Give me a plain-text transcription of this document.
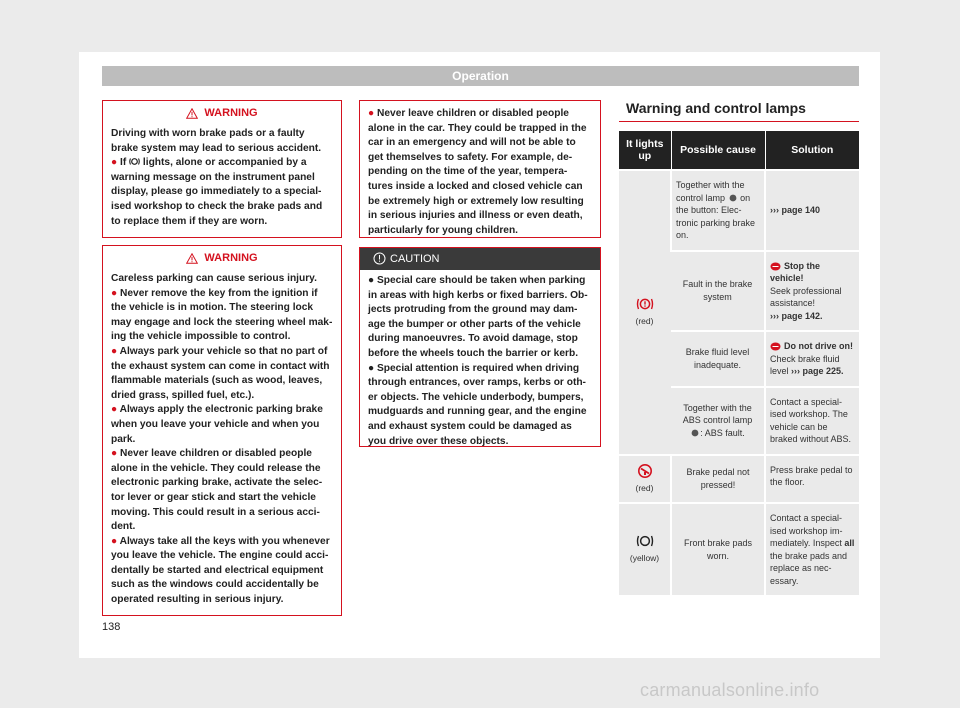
Operation
WARNING

Driving with worn brake pads or a faulty brake system may lead to serious accident.

● If lights, alone or accompanied by a warning message on the instrument panel display, please go immediately to a special-ised workshop to check the brake pads and to replace them if they are worn.

WARNING

Careless parking can cause serious injury.

● Never remove the key from the ignition if the vehicle is in motion. The steering lock may engage and lock the steering wheel mak-ing the vehicle impossible to control.

● Always park your vehicle so that no part of the exhaust system can come in contact with flammable materials (such as wood, leaves, dried grass, spilled fuel, etc.).

● Always apply the electronic parking brake when you leave your vehicle and when you park.

● Never leave children or disabled people alone in the vehicle. They could release the electronic parking brake, activate the selec-tor lever or gear stick and start the vehicle moving. This could result in a serious acci-dent.

● Always take all the keys with you whenever you leave the vehicle. The engine could acci-dentally be started and electrical equipment such as the windows could accidentally be operated resulting in serious injury.

● Never leave children or disabled people alone in the car. They could be trapped in the car in an emergency and will not be able to get themselves to safety. For example, de-pending on the time of the year, tempera-tures inside a locked and closed vehicle can be extremely high or extremely low resulting in serious injuries and illness or even death, particularly for young children.

CAUTION

● Special care should be taken when parking in areas with high kerbs or fixed barriers. Ob-jects protruding from the ground may dam-age the bumper or other parts of the vehicle during manoeuvres. To avoid damage, stop before the wheels touch the barrier or kerb.

● Special attention is required when driving through entrances, over ramps, kerbs or oth-er objects. The vehicle underbody, bumpers, mudguards and running gear, and the engine and exhaust system could be damaged as you drive over these objects.

Warning and control lamps
It lights up	Possible cause	Solution

(red)	Together with the control lamp on the button: Elec-tronic parking brake on.	››› page 140
	Fault in the brake system	Stop the vehicle!
Seek professional assistance!
››› page 142.
	Brake fluid level inadequate.	Do not drive on!
Check brake fluid level ››› page 225.
	Together with the ABS control lamp
: ABS fault.	Contact a special-ised workshop. The vehicle can be braked without ABS.

(red)	Brake pedal not pressed!	Press brake pedal to the floor.

(yellow)	Front brake pads worn.	Contact a special-ised workshop im-mediately. Inspect all the brake pads and replace as nec-essary.
138
carmanualsonline.info
